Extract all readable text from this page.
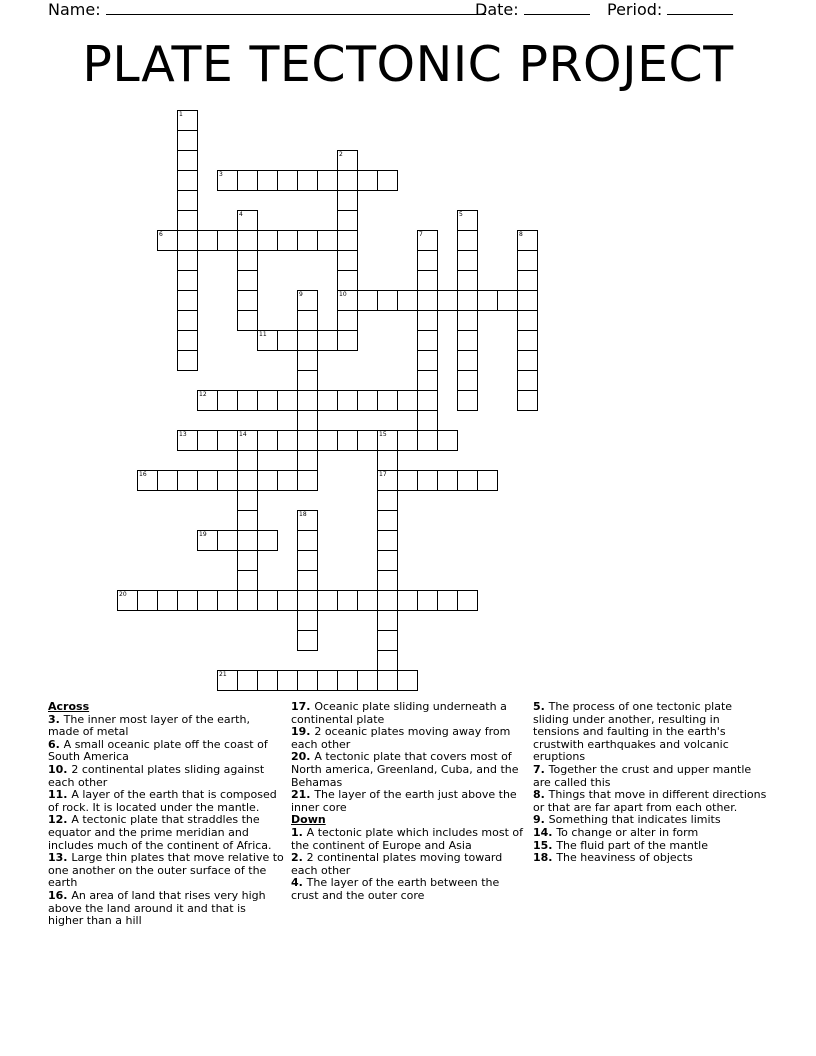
Name:	Date:	Period:
PLATE TECTONIC PROJECT
1
2
10
3
4	5
6	7	8
9
11
12
13	14	15
17
16
18
19
20
21
Across
3. The inner most layer of the earth, made of metal
6. A small oceanic plate off the coast of South America
10. 2 continental plates sliding against each other
11. A layer of the earth that is composed of rock. It is located under the mantle.
12. A tectonic plate that straddles the equator and the prime meridian and includes much of the continent of Africa.
13. Large thin plates that move relative to one another on the outer surface of the earth
16. An area of land that rises very high above the land around it and that is higher than a hill
17. Oceanic plate sliding underneath a continental plate
19. 2 oceanic plates moving away from each other
20. A tectonic plate that covers most of North america, Greenland, Cuba, and the Behamas
21. The layer of the earth just above the inner core
Down
1. A tectonic plate which includes most of the continent of Europe and Asia
2. 2 continental plates moving toward each other
4. The layer of the earth between the crust and the outer core
5. The process of one tectonic plate sliding under another, resulting in tensions and faulting in the earth's crustwith earthquakes and volcanic eruptions
7. Together the crust and upper mantle are called this
8. Things that move in different directions or that are far apart from each other.
9. Something that indicates limits
14. To change or alter in form
15. The fluid part of the mantle
18. The heaviness of objects
